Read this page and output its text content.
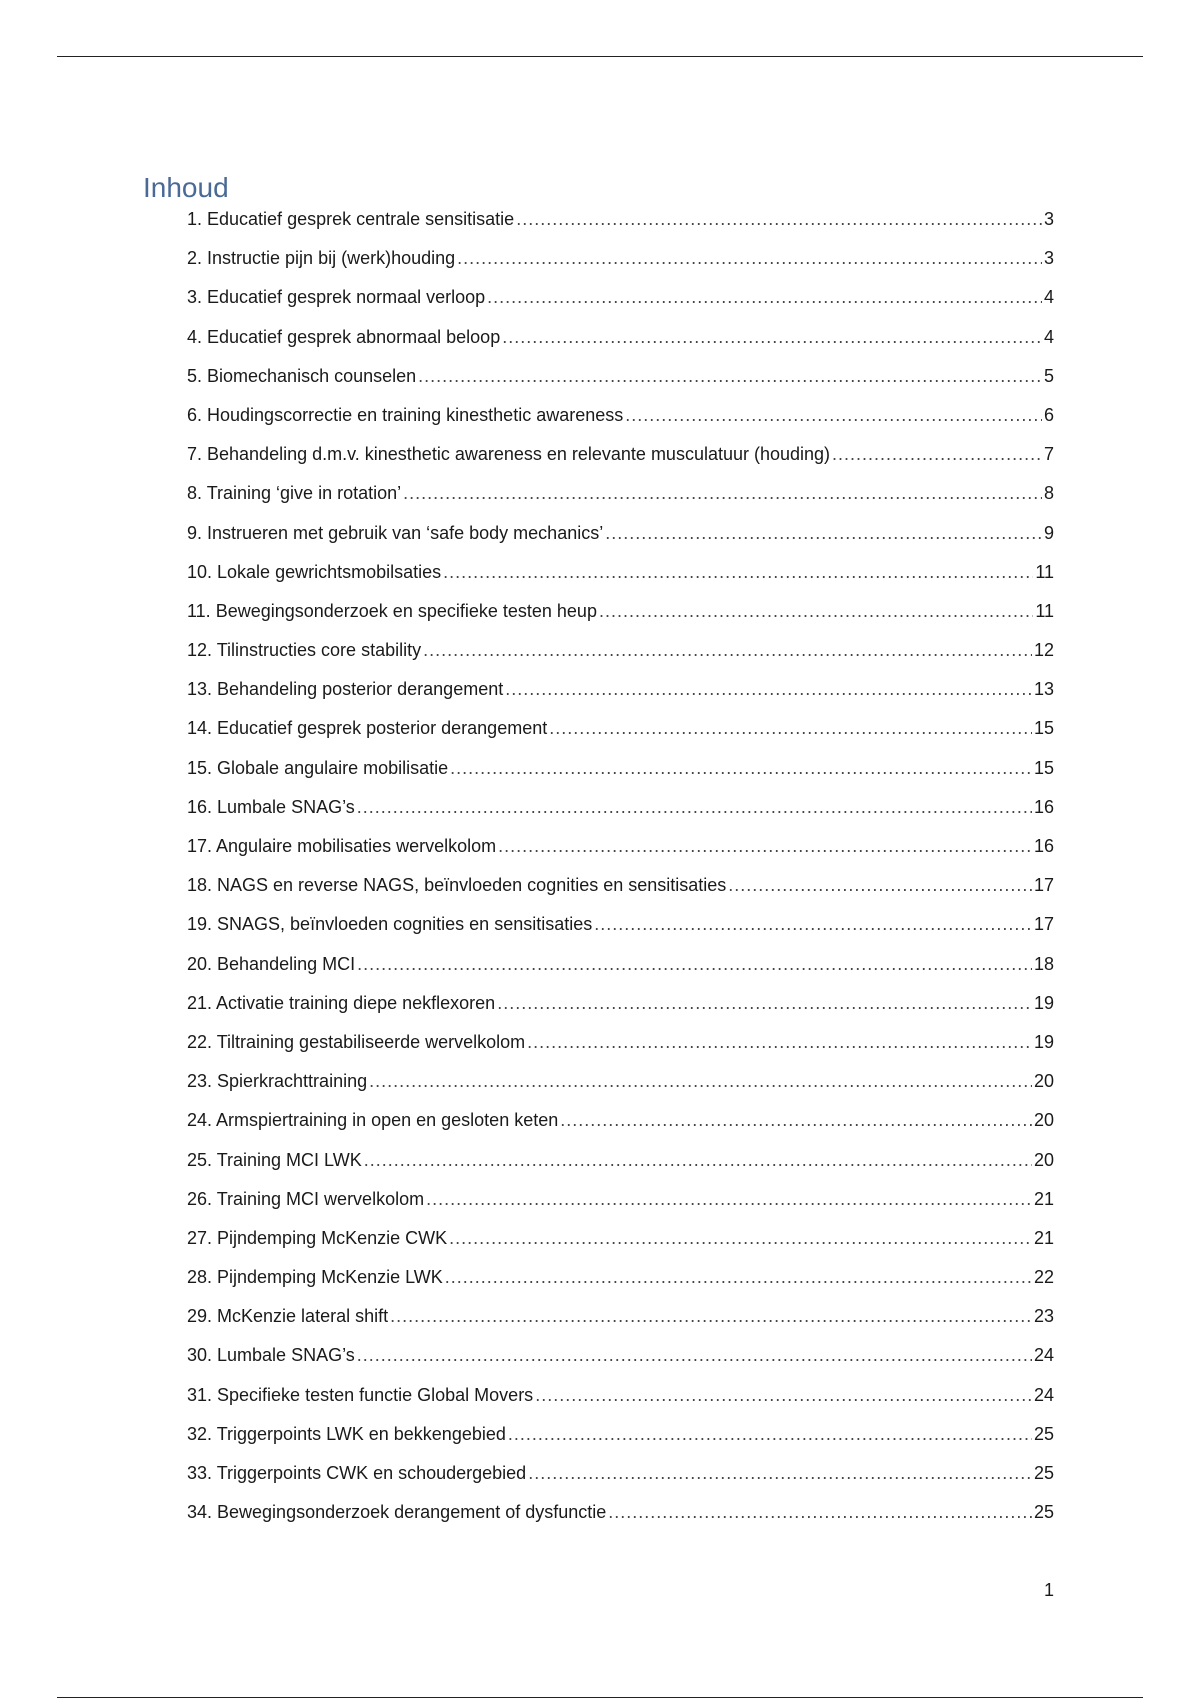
Inhoud
1. Educatief gesprek centrale sensitisatie .....	3
2. Instructie pijn bij (werk)houding .....	3
3. Educatief gesprek normaal verloop .....	4
4. Educatief gesprek abnormaal beloop .....	4
5. Biomechanisch counselen .....	5
6. Houdingscorrectie en training kinesthetic awareness .....	6
7. Behandeling d.m.v. kinesthetic awareness en relevante musculatuur (houding) .....	7
8. Training ‘give in rotation’ .....	8
9. Instrueren met gebruik van ‘safe body mechanics’ .....	9
10. Lokale gewrichtsmobilsaties .....	11
11. Bewegingsonderzoek en specifieke testen heup .....	11
12. Tilinstructies core stability .....	12
13. Behandeling posterior derangement .....	13
14. Educatief gesprek posterior derangement .....	15
15. Globale angulaire mobilisatie .....	15
16. Lumbale SNAG’s .....	16
17. Angulaire mobilisaties wervelkolom .....	16
18. NAGS en reverse NAGS, beïnvloeden cognities en sensitisaties .....	17
19. SNAGS, beïnvloeden cognities en sensitisaties .....	17
20. Behandeling MCI .....	18
21. Activatie training diepe nekflexoren .....	19
22. Tiltraining gestabiliseerde wervelkolom .....	19
23. Spierkrachttraining .....	20
24. Armspiertraining in open en gesloten keten .....	20
25. Training MCI LWK .....	20
26. Training MCI wervelkolom .....	21
27. Pijndemping McKenzie CWK .....	21
28. Pijndemping McKenzie LWK .....	22
29. McKenzie lateral shift .....	23
30. Lumbale SNAG’s .....	24
31. Specifieke testen functie Global Movers .....	24
32. Triggerpoints LWK en bekkengebied .....	25
33. Triggerpoints CWK en schoudergebied .....	25
34. Bewegingsonderzoek derangement of dysfunctie .....	25
1
